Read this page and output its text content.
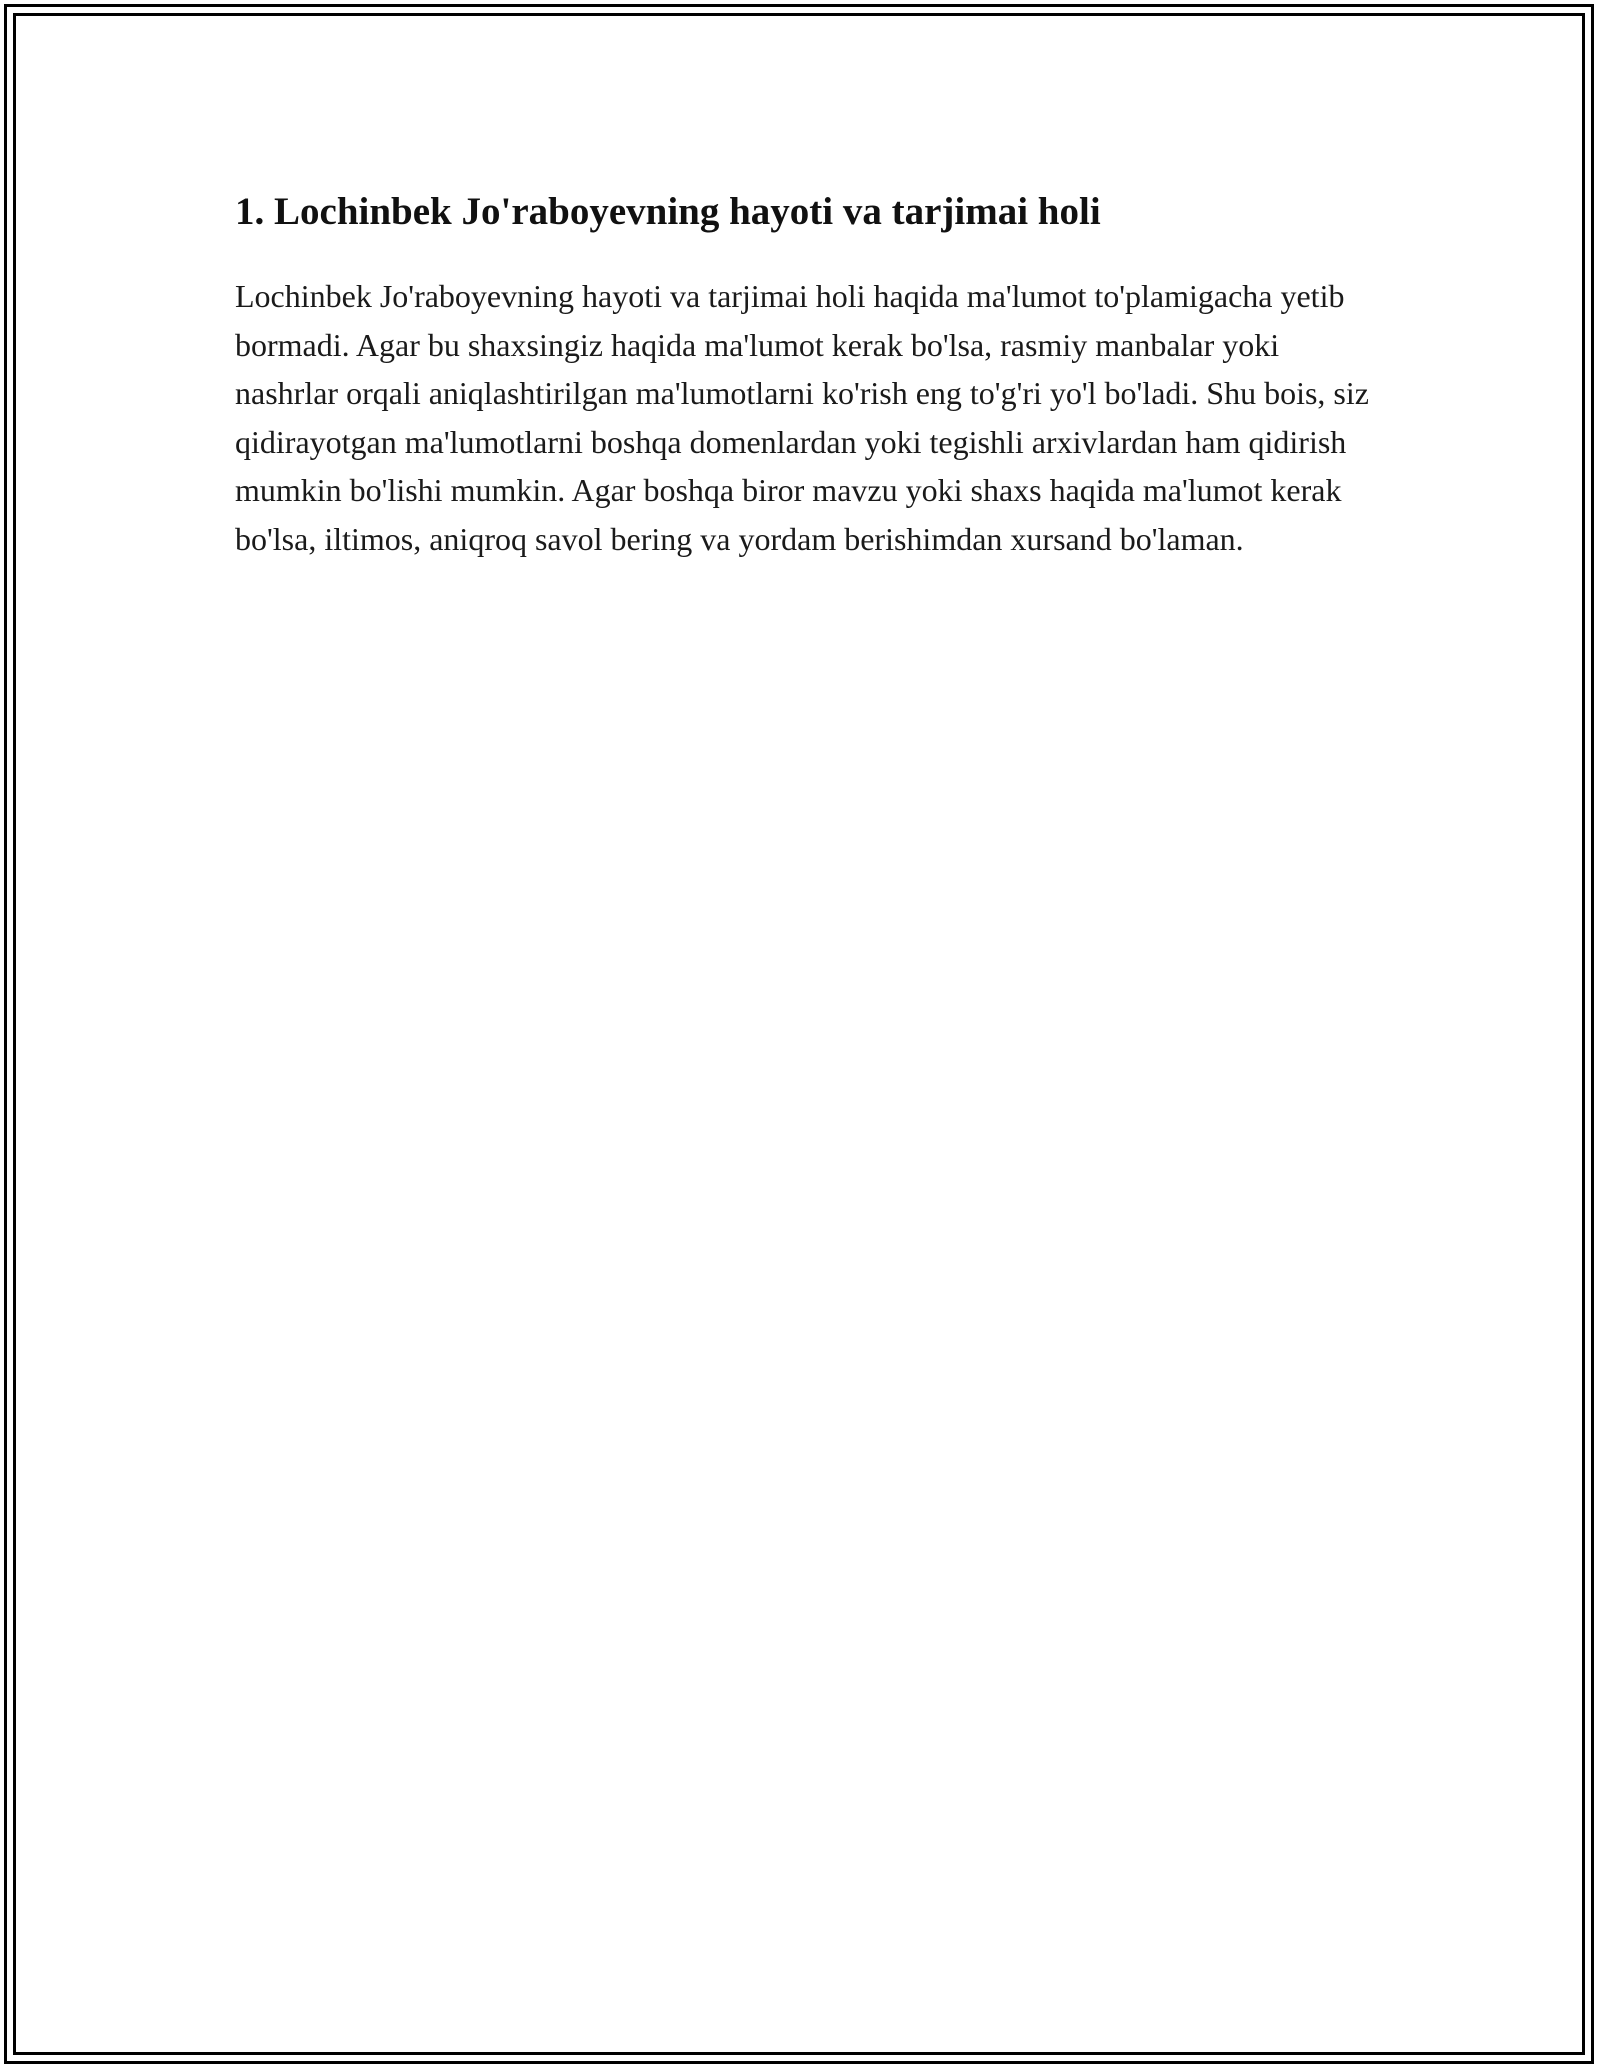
1. Lochinbek Jo'raboyevning hayoti va tarjimai holi

Lochinbek Jo'raboyevning hayoti va tarjimai holi haqida ma'lumot to'plamigacha yetib bormadi. Agar bu shaxsingiz haqida ma'lumot kerak bo'lsa, rasmiy manbalar yoki nashrlar orqali aniqlashtirilgan ma'lumotlarni ko'rish eng to'g'ri yo'l bo'ladi. Shu bois, siz qidirayotgan ma'lumotlarni boshqa domenlardan yoki tegishli arxivlardan ham qidirish mumkin bo'lishi mumkin. Agar boshqa biror mavzu yoki shaxs haqida ma'lumot kerak bo'lsa, iltimos, aniqroq savol bering va yordam berishimdan xursand bo'laman.
